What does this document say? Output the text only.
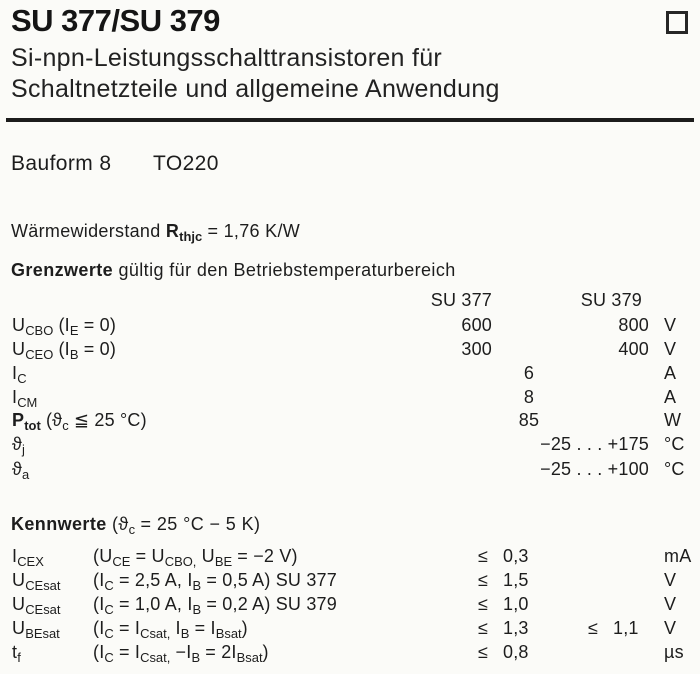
SU 377/SU 379
Si-npn-Leistungsschalttransistoren für
Schaltnetzteile und allgemeine Anwendung
Bauform 8 TO220
Wärmewiderstand $R_{thjc} = 1,76$ K/W
Grenzwerte gültig für den Betriebstemperaturbereich
SU 377	SU 379
$U_{CBO}$ $(I_E = 0)$	600	800 V
$U_{CEO}$ $(I_B = 0)$	300	400 V
$I_C$	6	A
$I_{CM}$	8	A
$P_{tot}$ ($ϑ_c$ ≦ 25 °C)	85	W
$ϑ_j$	−25 . . . +175 °C
$ϑ_a$	−25 . . . +100 °C
Kennwerte ($ϑ_c = 25$ °C − 5 K)
$I_{CEX}$	($U_{CE} = U_{CBO,}$ $U_{BE} = -2$ V)	≤ 0,3	mA
$U_{CEsat}$ ($I_C = 2,5$ A, $I_B = 0,5$ A) SU 377	≤ 1,5	V
$U_{CEsat}$ ($I_C = 1,0$ A, $I_B = 0,2$ A) SU 379	≤ 1,0	V
$U_{BEsat}$ ($I_C = I_{Csat,}$ $I_B = I_{Bsat}$)	≤ 1,3	≤ 1,1 V
$t_f$	$(I_C = I_{Csat,} -I_B = 2I_{Bsat})$	≤ 0,8	µs
